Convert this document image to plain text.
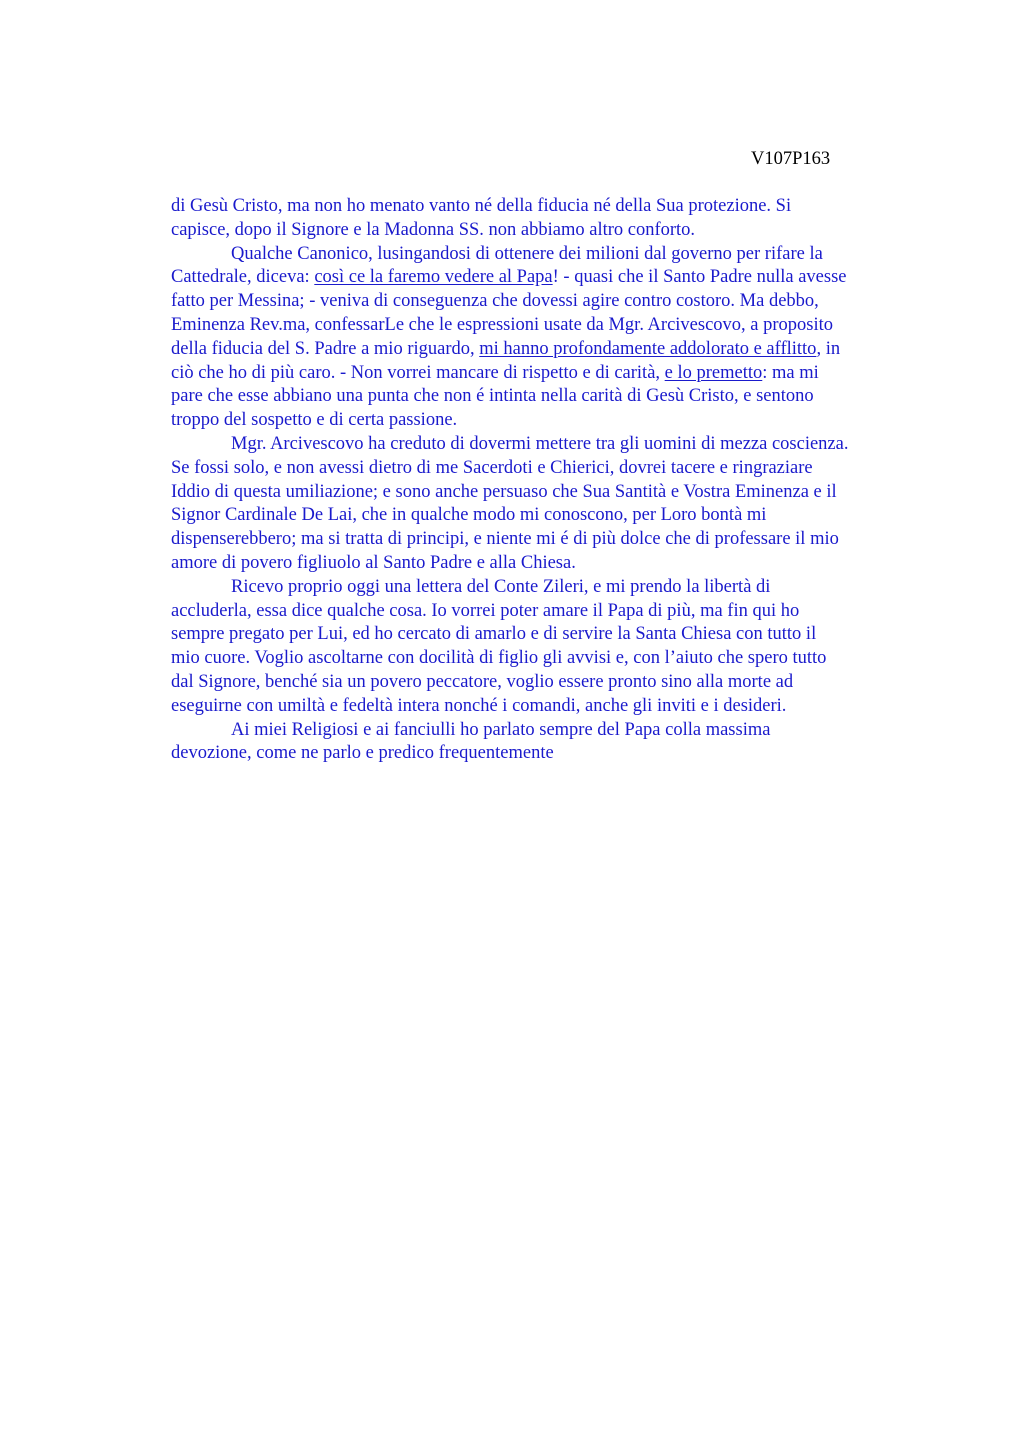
V107P163
di Gesù Cristo, ma non ho menato vanto né della fiducia né della Sua protezione. Si
capisce, dopo il Signore e la Madonna SS. non abbiamo altro conforto.
Qualche Canonico, lusingandosi di ottenere dei milioni dal governo per rifare la
Cattedrale, diceva: così ce la faremo vedere al Papa! - quasi che il Santo Padre nulla avesse
fatto per Messina; - veniva di conseguenza che dovessi agire contro costoro. Ma debbo,
Eminenza Rev.ma, confessarLe che le espressioni usate da Mgr. Arcivescovo, a proposito
della fiducia del S. Padre a mio riguardo, mi hanno profondamente addolorato e afflitto, in
ciò che ho di più caro. - Non vorrei mancare di rispetto e di carità, e lo premetto: ma mi
pare che esse abbiano una punta che non é intinta nella carità di Gesù Cristo, e sentono
troppo del sospetto e di certa passione.
Mgr. Arcivescovo ha creduto di dovermi mettere tra gli uomini di mezza coscienza.
Se fossi solo, e non avessi dietro di me Sacerdoti e Chierici, dovrei tacere e ringraziare
Iddio di questa umiliazione; e sono anche persuaso che Sua Santità e Vostra Eminenza e il
Signor Cardinale De Lai, che in qualche modo mi conoscono, per Loro bontà mi
dispenserebbero; ma si tratta di principi, e niente mi é di più dolce che di professare il mio
amore di povero figliuolo al Santo Padre e alla Chiesa.
Ricevo proprio oggi una lettera del Conte Zileri, e mi prendo la libertà di
accluderla, essa dice qualche cosa. Io vorrei poter amare il Papa di più, ma fin qui ho
sempre pregato per Lui, ed ho cercato di amarlo e di servire la Santa Chiesa con tutto il
mio cuore. Voglio ascoltarne con docilità di figlio gli avvisi e, con l’aiuto che spero tutto
dal Signore, benché sia un povero peccatore, voglio essere pronto sino alla morte ad
eseguirne con umiltà e fedeltà intera nonché i comandi, anche gli inviti e i desideri.
Ai miei Religiosi e ai fanciulli ho parlato sempre del Papa colla massima
devozione, come ne parlo e predico frequentemente
